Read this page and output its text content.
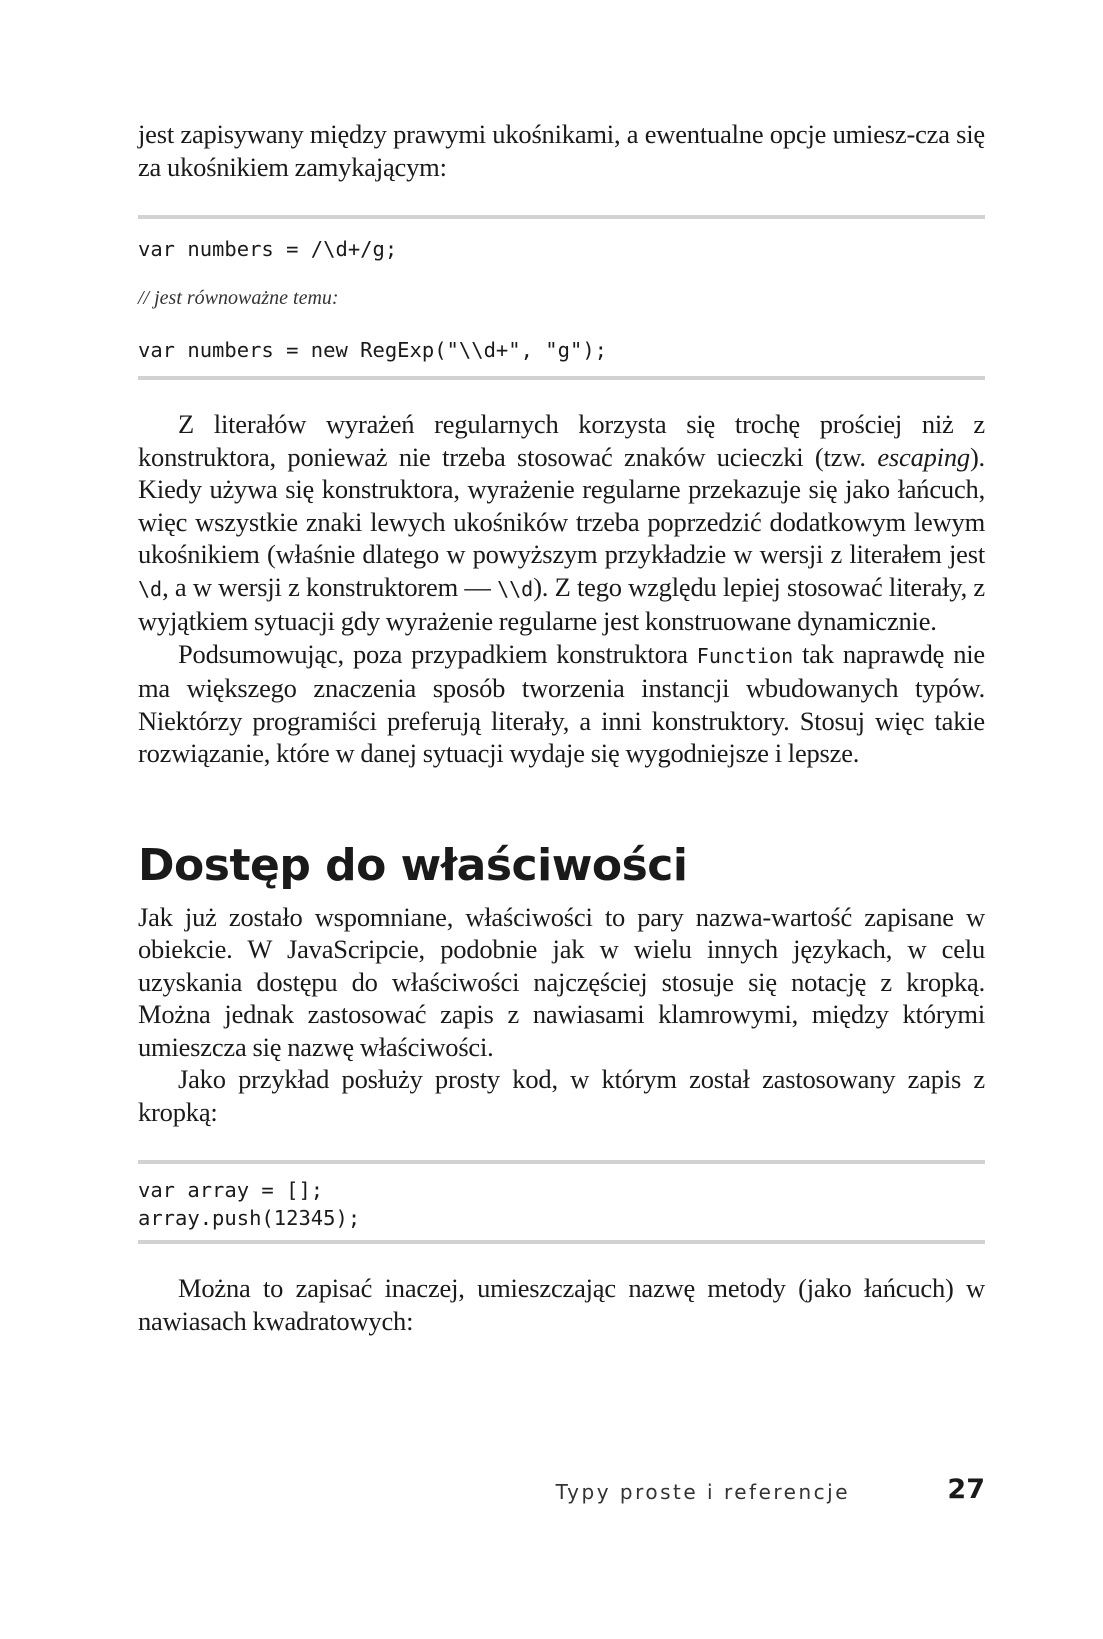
jest zapisywany między prawymi ukośnikami, a ewentualne opcje umiesz-cza się za ukośnikiem zamykającym:

var numbers = /\d+/g;
// jest równoważne temu:
var numbers = new RegExp("\\d+", "g");

Z literałów wyrażeń regularnych korzysta się trochę prościej niż z konstruktora, ponieważ nie trzeba stosować znaków ucieczki (tzw. escaping). Kiedy używa się konstruktora, wyrażenie regularne przekazuje się jako łańcuch, więc wszystkie znaki lewych ukośników trzeba poprzedzić dodatkowym lewym ukośnikiem (właśnie dlatego w powyższym przykładzie w wersji z literałem jest \d, a w wersji z konstruktorem — \\d). Z tego względu lepiej stosować literały, z wyjątkiem sytuacji gdy wyrażenie regularne jest konstruowane dynamicznie.

Podsumowując, poza przypadkiem konstruktora Function tak naprawdę nie ma większego znaczenia sposób tworzenia instancji wbudowanych typów. Niektórzy programiści preferują literały, a inni konstruktory. Stosuj więc takie rozwiązanie, które w danej sytuacji wydaje się wygodniejsze i lepsze.

Dostęp do właściwości

Jak już zostało wspomniane, właściwości to pary nazwa-wartość zapisane w obiekcie. W JavaScripcie, podobnie jak w wielu innych językach, w celu uzyskania dostępu do właściwości najczęściej stosuje się notację z kropką. Można jednak zastosować zapis z nawiasami klamrowymi, między którymi umieszcza się nazwę właściwości.

Jako przykład posłuży prosty kod, w którym został zastosowany zapis z kropką:

var array = [];
array.push(12345);

Można to zapisać inaczej, umieszczając nazwę metody (jako łańcuch) w nawiasach kwadratowych:

Typy proste i referencje	27
